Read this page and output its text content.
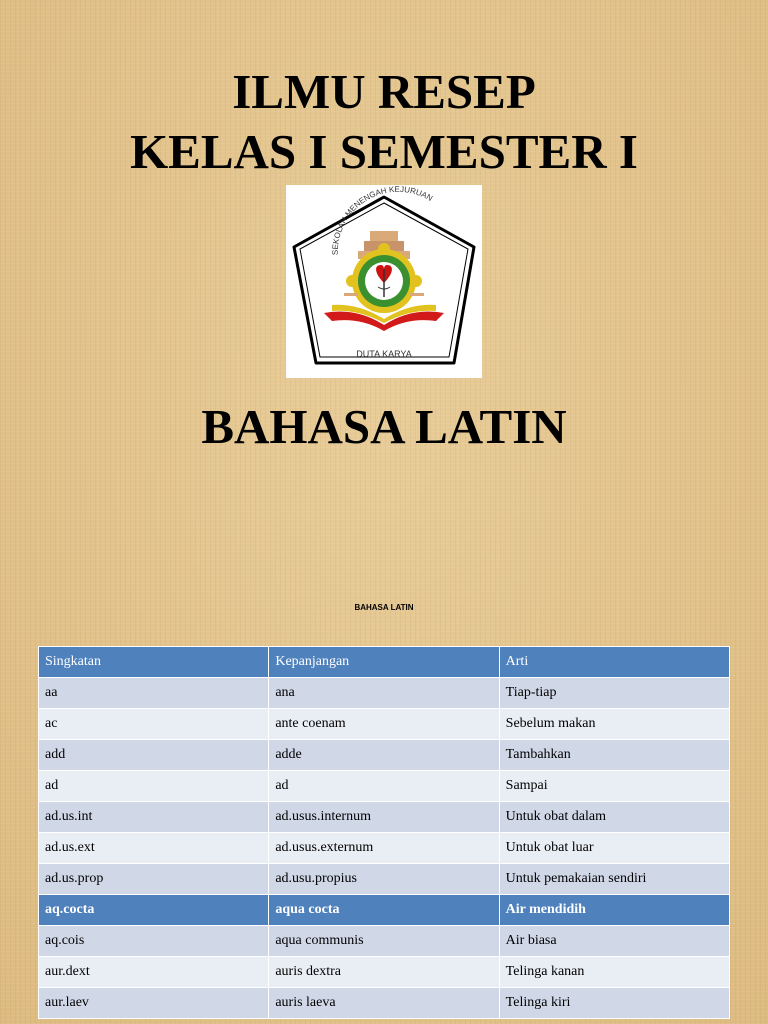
ILMU RESEP
KELAS I SEMESTER I
SEKOLAH MENENGAH KEJURUAN
DUTA KARYA
BAHASA LATIN
BAHASA LATIN
Singkatan	Kepanjangan	Arti
aa	ana	Tiap-tiap
ac	ante coenam	Sebelum makan
add	adde	Tambahkan
ad	ad	Sampai
ad.us.int	ad.usus.internum	Untuk obat dalam
ad.us.ext	ad.usus.externum	Untuk obat luar
ad.us.prop	ad.usu.propius	Untuk pemakaian sendiri
aq.cocta	aqua cocta	Air mendidih
aq.cois	aqua communis	Air biasa
aur.dext	auris dextra	Telinga kanan
aur.laev	auris laeva	Telinga kiri
